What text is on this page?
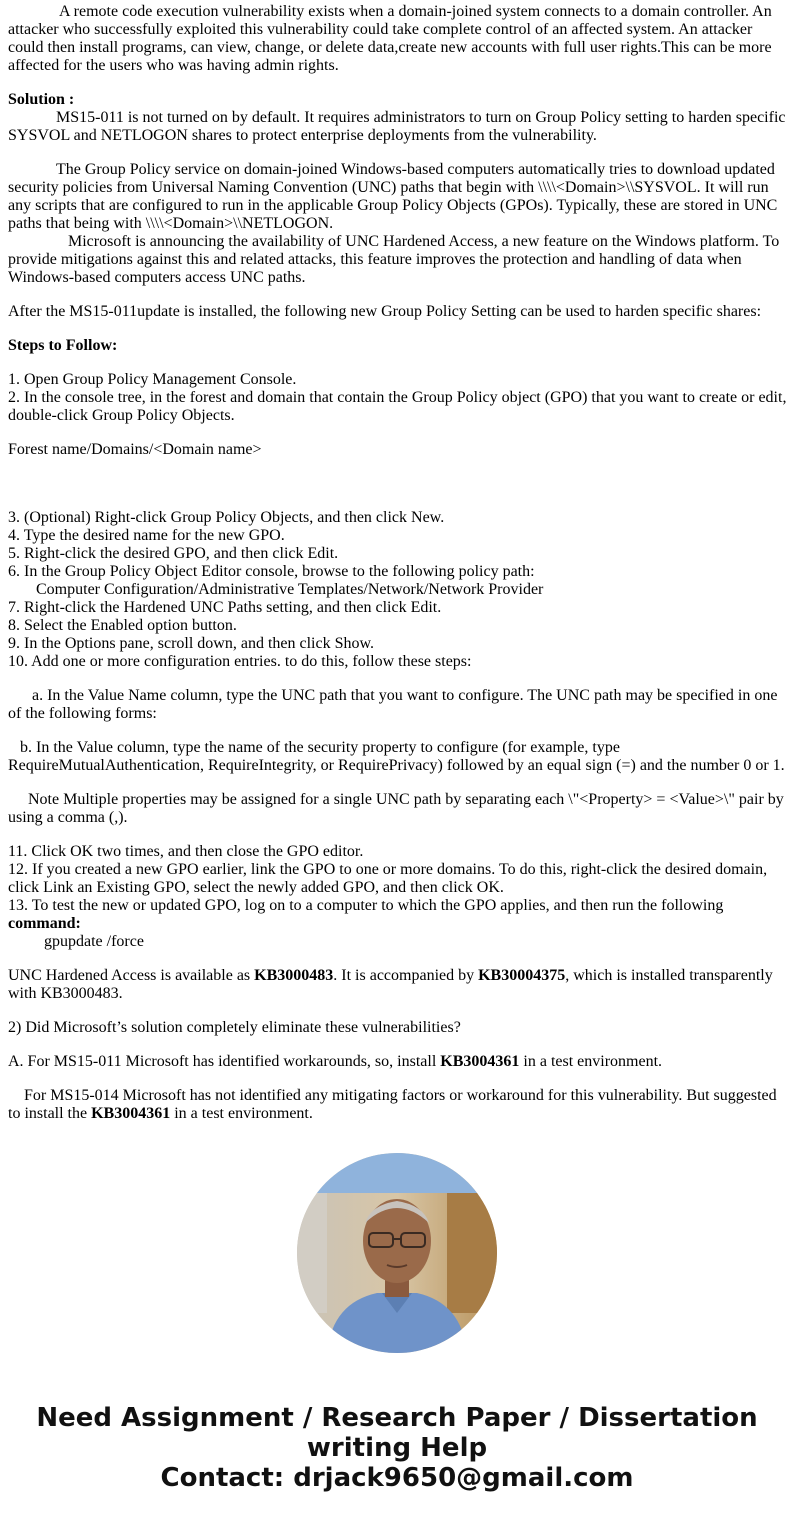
A remote code execution vulnerability exists when a domain-joined system connects to a domain controller. An attacker who successfully exploited this vulnerability could take complete control of an affected system. An attacker could then install programs, can view, change, or delete data,create new accounts with full user rights.This can be more affected for the users who was having admin rights.
Solution :
MS15-011 is not turned on by default. It requires administrators to turn on Group Policy setting to harden specific SYSVOL and NETLOGON shares to protect enterprise deployments from the vulnerability.
The Group Policy service on domain-joined Windows-based computers automatically tries to download updated security policies from Universal Naming Convention (UNC) paths that begin with \\\\<Domain>\\SYSVOL. It will run any scripts that are configured to run in the applicable Group Policy Objects (GPOs). Typically, these are stored in UNC paths that being with \\\\<Domain>\\NETLOGON.
Microsoft is announcing the availability of UNC Hardened Access, a new feature on the Windows platform. To provide mitigations against this and related attacks, this feature improves the protection and handling of data when Windows-based computers access UNC paths.
After the MS15-011update is installed, the following new Group Policy Setting can be used to harden specific shares:
Steps to Follow:
1. Open Group Policy Management Console.
2. In the console tree, in the forest and domain that contain the Group Policy object (GPO) that you want to create or edit, double-click Group Policy Objects.
Forest name/Domains/<Domain name>
3. (Optional) Right-click Group Policy Objects, and then click New.
4. Type the desired name for the new GPO.
5. Right-click the desired GPO, and then click Edit.
6. In the Group Policy Object Editor console, browse to the following policy path:
Computer Configuration/Administrative Templates/Network/Network Provider
7. Right-click the Hardened UNC Paths setting, and then click Edit.
8. Select the Enabled option button.
9. In the Options pane, scroll down, and then click Show.
10. Add one or more configuration entries. to do this, follow these steps:
a. In the Value Name column, type the UNC path that you want to configure. The UNC path may be specified in one of the following forms:
b. In the Value column, type the name of the security property to configure (for example, type RequireMutualAuthentication, RequireIntegrity, or RequirePrivacy) followed by an equal sign (=) and the number 0 or 1.
Note Multiple properties may be assigned for a single UNC path by separating each \"<Property> = <Value>\" pair by using a comma (,).
11. Click OK two times, and then close the GPO editor.
12. If you created a new GPO earlier, link the GPO to one or more domains. To do this, right-click the desired domain, click Link an Existing GPO, select the newly added GPO, and then click OK.
13. To test the new or updated GPO, log on to a computer to which the GPO applies, and then run the following
command:
gpupdate /force
UNC Hardened Access is available as KB3000483. It is accompanied by KB30004375, which is installed transparently with KB3000483.
2) Did Microsoft’s solution completely eliminate these vulnerabilities?
A. For MS15-011 Microsoft has identified workarounds, so, install KB3004361 in a test environment.
For MS15-014 Microsoft has not identified any mitigating factors or workaround for this vulnerability. But suggested to install the KB3004361 in a test environment.
Need Assignment / Research Paper / Dissertation
writing Help
Contact: drjack9650@gmail.com
